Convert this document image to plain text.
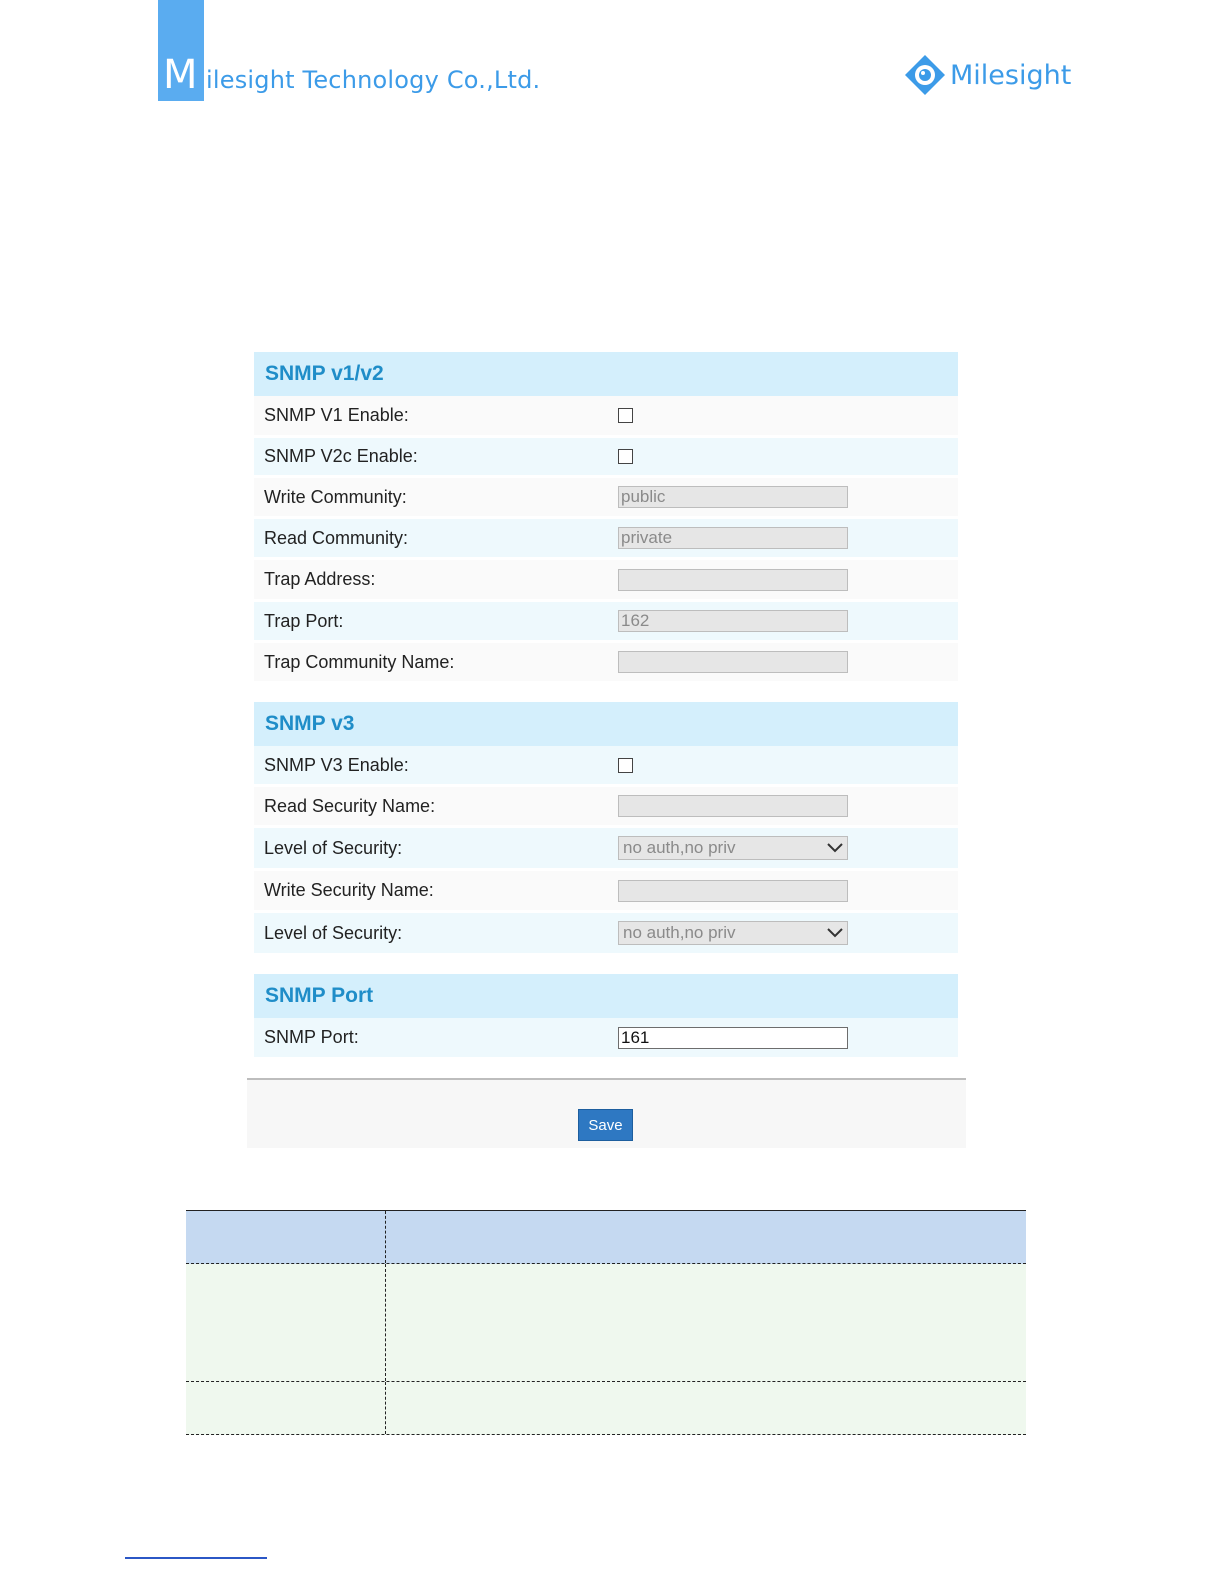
M ilesight Technology Co.,Ltd.	Milesight
SNMP v1/v2
SNMP V1 Enable:
SNMP V2c Enable:
Write Community:	public
Read Community:	private
Trap Address:
Trap Port:	162
Trap Community Name:
SNMP v3
SNMP V3 Enable:
Read Security Name:
Level of Security:	no auth,no priv
Write Security Name:
Level of Security:	no auth,no priv
SNMP Port
SNMP Port:	161
Save
